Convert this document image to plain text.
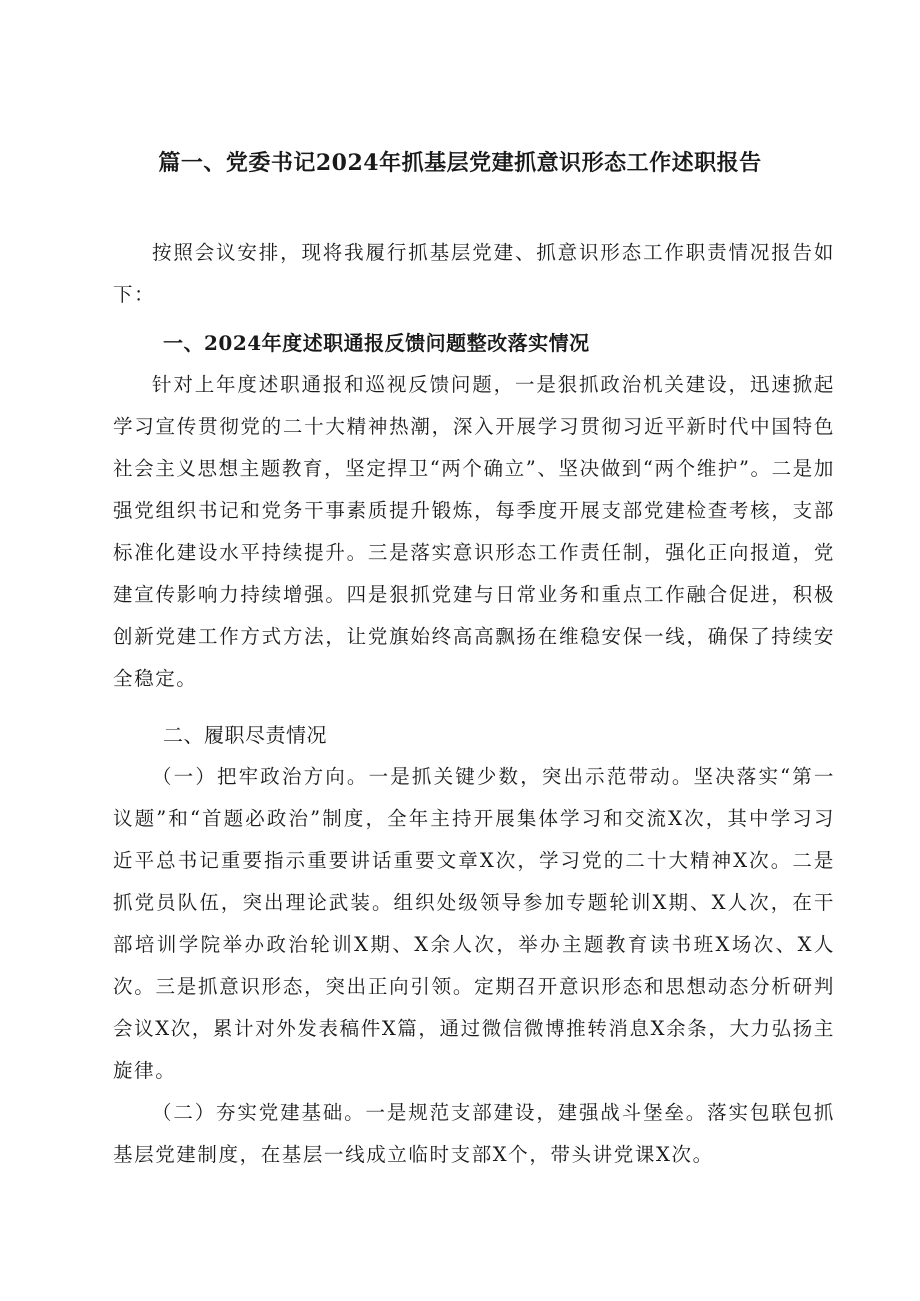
篇一、党委书记2024年抓基层党建抓意识形态工作述职报告

按照会议安排，现将我履行抓基层党建、抓意识形态工作职责情况报告如下：

一、2024年度述职通报反馈问题整改落实情况

针对上年度述职通报和巡视反馈问题，一是狠抓政治机关建设，迅速掀起学习宣传贯彻党的二十大精神热潮，深入开展学习贯彻习近平新时代中国特色社会主义思想主题教育，坚定捍卫“两个确立”、坚决做到“两个维护”。二是加强党组织书记和党务干事素质提升锻炼，每季度开展支部党建检查考核，支部标准化建设水平持续提升。三是落实意识形态工作责任制，强化正向报道，党建宣传影响力持续增强。四是狠抓党建与日常业务和重点工作融合促进，积极创新党建工作方式方法，让党旗始终高高飘扬在维稳安保一线，确保了持续安全稳定。

二、履职尽责情况

（一）把牢政治方向。一是抓关键少数，突出示范带动。坚决落实“第一议题”和“首题必政治”制度，全年主持开展集体学习和交流X次，其中学习习近平总书记重要指示重要讲话重要文章X次，学习党的二十大精神X次。二是抓党员队伍，突出理论武装。组织处级领导参加专题轮训X期、X人次，在干部培训学院举办政治轮训X期、X余人次，举办主题教育读书班X场次、X人次。三是抓意识形态，突出正向引领。定期召开意识形态和思想动态分析研判会议X次，累计对外发表稿件X篇，通过微信微博推转消息X余条，大力弘扬主旋律。

（二）夯实党建基础。一是规范支部建设，建强战斗堡垒。落实包联包抓基层党建制度，在基层一线成立临时支部X个，带头讲党课X次。
